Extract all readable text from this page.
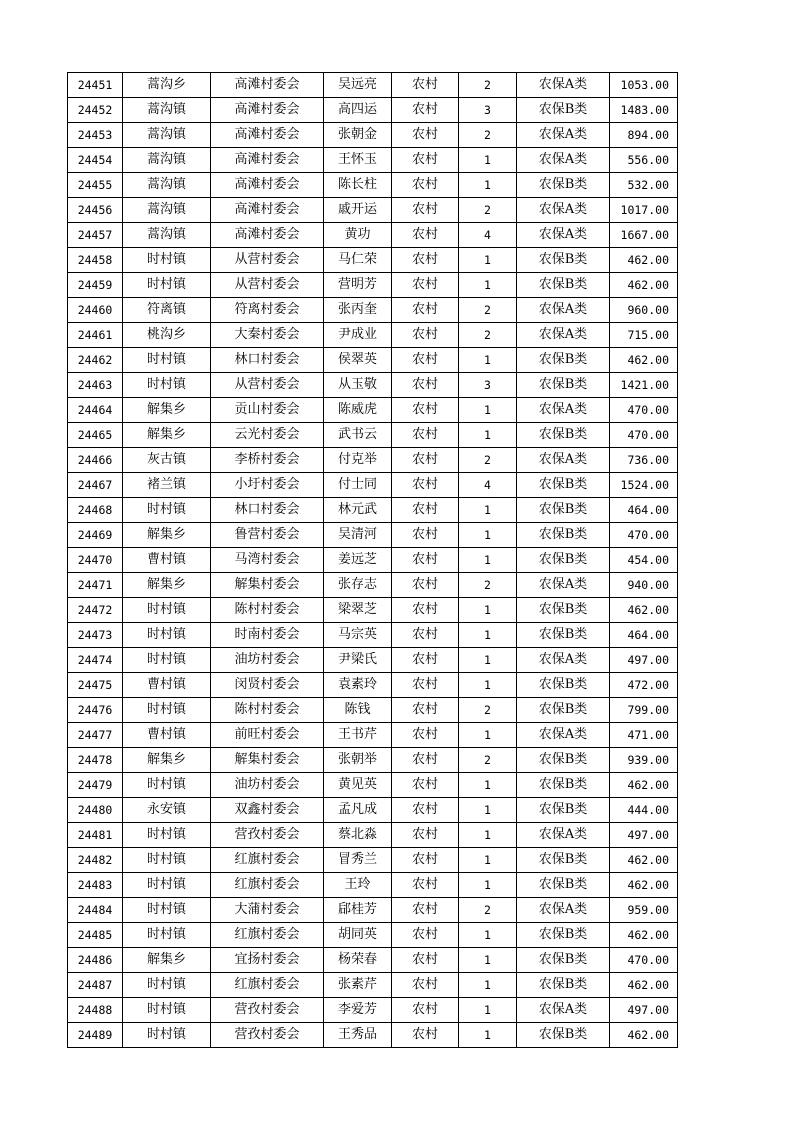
24451	蒿沟乡	高滩村委会	吴远亮	农村	2	农保A类	1053.00
24452	蒿沟镇	高滩村委会	高四运	农村	3	农保B类	1483.00
24453	蒿沟镇	高滩村委会	张朝金	农村	2	农保A类	894.00
24454	蒿沟镇	高滩村委会	王怀玉	农村	1	农保A类	556.00
24455	蒿沟镇	高滩村委会	陈长柱	农村	1	农保B类	532.00
24456	蒿沟镇	高滩村委会	戚开运	农村	2	农保A类	1017.00
24457	蒿沟镇	高滩村委会	黄功	农村	4	农保A类	1667.00
24458	时村镇	从营村委会	马仁荣	农村	1	农保B类	462.00
24459	时村镇	从营村委会	营明芳	农村	1	农保B类	462.00
24460	符离镇	符离村委会	张丙奎	农村	2	农保A类	960.00
24461	桃沟乡	大秦村委会	尹成业	农村	2	农保A类	715.00
24462	时村镇	林口村委会	侯翠英	农村	1	农保B类	462.00
24463	时村镇	从营村委会	从玉敬	农村	3	农保B类	1421.00
24464	解集乡	贡山村委会	陈威虎	农村	1	农保A类	470.00
24465	解集乡	云光村委会	武书云	农村	1	农保B类	470.00
24466	灰古镇	李桥村委会	付克举	农村	2	农保A类	736.00
24467	褚兰镇	小圩村委会	付士同	农村	4	农保B类	1524.00
24468	时村镇	林口村委会	林元武	农村	1	农保B类	464.00
24469	解集乡	鲁营村委会	吴清河	农村	1	农保B类	470.00
24470	曹村镇	马湾村委会	姜远芝	农村	1	农保B类	454.00
24471	解集乡	解集村委会	张存志	农村	2	农保A类	940.00
24472	时村镇	陈村村委会	梁翠芝	农村	1	农保B类	462.00
24473	时村镇	时南村委会	马宗英	农村	1	农保B类	464.00
24474	时村镇	油坊村委会	尹梁氏	农村	1	农保A类	497.00
24475	曹村镇	闵贤村委会	袁素玲	农村	1	农保B类	472.00
24476	时村镇	陈村村委会	陈钱	农村	2	农保B类	799.00
24477	曹村镇	前旺村委会	王书芹	农村	1	农保A类	471.00
24478	解集乡	解集村委会	张朝举	农村	2	农保B类	939.00
24479	时村镇	油坊村委会	黄见英	农村	1	农保B类	462.00
24480	永安镇	双鑫村委会	孟凡成	农村	1	农保B类	444.00
24481	时村镇	营孜村委会	蔡北淼	农村	1	农保A类	497.00
24482	时村镇	红旗村委会	冒秀兰	农村	1	农保B类	462.00
24483	时村镇	红旗村委会	王玲	农村	1	农保B类	462.00
24484	时村镇	大蒲村委会	郈桂芳	农村	2	农保A类	959.00
24485	时村镇	红旗村委会	胡同英	农村	1	农保B类	462.00
24486	解集乡	宜扬村委会	杨荣春	农村	1	农保B类	470.00
24487	时村镇	红旗村委会	张素芹	农村	1	农保B类	462.00
24488	时村镇	营孜村委会	李爱芳	农村	1	农保A类	497.00
24489	时村镇	营孜村委会	王秀品	农村	1	农保B类	462.00
